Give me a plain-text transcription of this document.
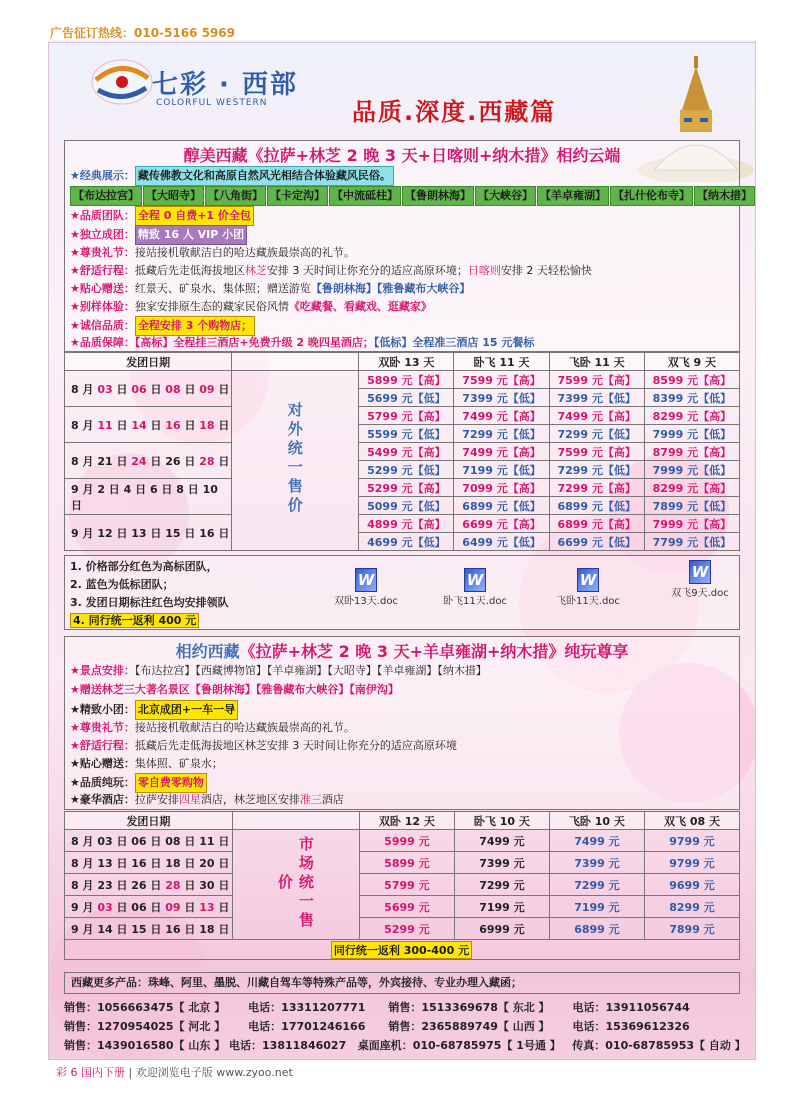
广告征订热线：010-5166 5969
七彩 · 西部
COLORFUL WESTERN	品质.深度.西藏篇
醇美西藏《拉萨+林芝 2 晚 3 天+日喀则+纳木措》相约云端
★经典展示： 藏传佛教文化和高原自然风光相结合体验藏风民俗。
【布达拉宫】 【大昭寺】 【八角街】 【卡定沟】 【中流砥柱】 【鲁朗林海】 【大峡谷】 【羊卓雍湖】 【扎什伦布寺】 【纳木措】
★品质团队： 全程 0 自费+1 价全包
★独立成团： 精致 16 人 VIP 小团
★尊贵礼节：接站接机敬献洁白的哈达藏族最崇高的礼节。
★舒适行程：抵藏后先走低海拔地区林芝安排 3 天时间让你充分的适应高原环境；日喀则安排 2 天轻松愉快
★贴心赠送：红景天、矿泉水、集体照；赠送游览【鲁朗林海】【雅鲁藏布大峡谷】
★别样体验：独家安排原生态的藏家民俗风情《吃藏餐、看藏戏、逛藏家》
★诚信品质： 全程安排 3 个购物店；
★品质保障：【高标】全程挂三酒店+免费升级 2 晚四星酒店；【低标】全程准三酒店 15 元餐标
发团日期		双卧 13 天	卧飞 11 天	飞卧 11 天	双飞 9 天
8 月 03 日 06 日 08 日 09 日	对外统一售价	5899 元【高】	7599 元【高】	7599 元【高】	8599 元【高】
		5699 元【低】	7399 元【低】	7399 元【低】	8399 元【低】
8 月 11 日 14 日 16 日 18 日		5799 元【高】	7499 元【高】	7499 元【高】	8299 元【高】
		5599 元【低】	7299 元【低】	7299 元【低】	7999 元【低】
8 月 21 日 24 日 26 日 28 日		5499 元【高】	7499 元【高】	7599 元【高】	8799 元【高】
		5299 元【低】	7199 元【低】	7299 元【低】	7999 元【低】
9 月 2 日 4 日 6 日 8 日 10 日		5299 元【高】	7099 元【高】	7299 元【高】	8299 元【高】
		5099 元【低】	6899 元【低】	6899 元【低】	7899 元【低】
9 月 12 日 13 日 15 日 16 日		4899 元【高】	6699 元【高】	6899 元【高】	7999 元【高】
		4699 元【低】	6499 元【低】	6699 元【低】	7799 元【低】
1. 价格部分红色为高标团队，
2. 蓝色为低标团队；
3. 发团日期标注红色均安排领队
4. 同行统一返利 400 元
W
双卧13天.doc
W
卧飞11天.doc
W
飞卧11天.doc
W
双飞9天.doc
相约西藏《拉萨+林芝 2 晚 3 天+羊卓雍湖+纳木措》纯玩尊享
★景点安排：【布达拉宫】【西藏博物馆】【羊卓雍湖】【大昭寺】【羊卓雍湖】【纳木措】
★赠送林芝三大著名景区【鲁朗林海】【雅鲁藏布大峡谷】【南伊沟】
★精致小团： 北京成团+一车一导
★尊贵礼节：接站接机敬献洁白的哈达藏族最崇高的礼节。
★舒适行程：抵藏后先走低海拔地区林芝安排 3 天时间让你充分的适应高原环境
★贴心赠送：集体照、矿泉水；
★品质纯玩： 零自费零购物
★豪华酒店：拉萨安排四星酒店，林芝地区安排准三酒店
发团日期		双卧 12 天	卧飞 10 天	飞卧 10 天	双飞 08 天
8 月 03 日 06 日 08 日 11 日	市场统一售价	5999 元	7499 元	7499 元	9799 元
8 月 13 日 16 日 18 日 20 日		5899 元	7399 元	7399 元	9799 元
8 月 23 日 26 日 28 日 30 日		5799 元	7299 元	7299 元	9699 元
9 月 03 日 06 日 09 日 13 日		5699 元	7199 元	7199 元	8299 元
9 月 14 日 15 日 16 日 18 日		5299 元	6999 元	6899 元	7899 元
同行统一返利 300-400 元					
西藏更多产品：珠峰、阿里、墨脱、川藏自驾车等特殊产品等，外宾接待、专业办理入藏函；
销售：1056663475【 北京 】      电话：13311207771      销售：1513369678【 东北 】      电话：13911056744
销售：1270954025【 河北 】      电话：17701246166      销售：2365889749【 山西 】      电话：15369612326
销售：1439016580【 山东 】 电话：13811846027   桌面座机：010-68785975【 1号通 】   传真：010-68785953【 自动 】
彩 6 国内下册 | 欢迎浏览电子版 www.zyoo.net
